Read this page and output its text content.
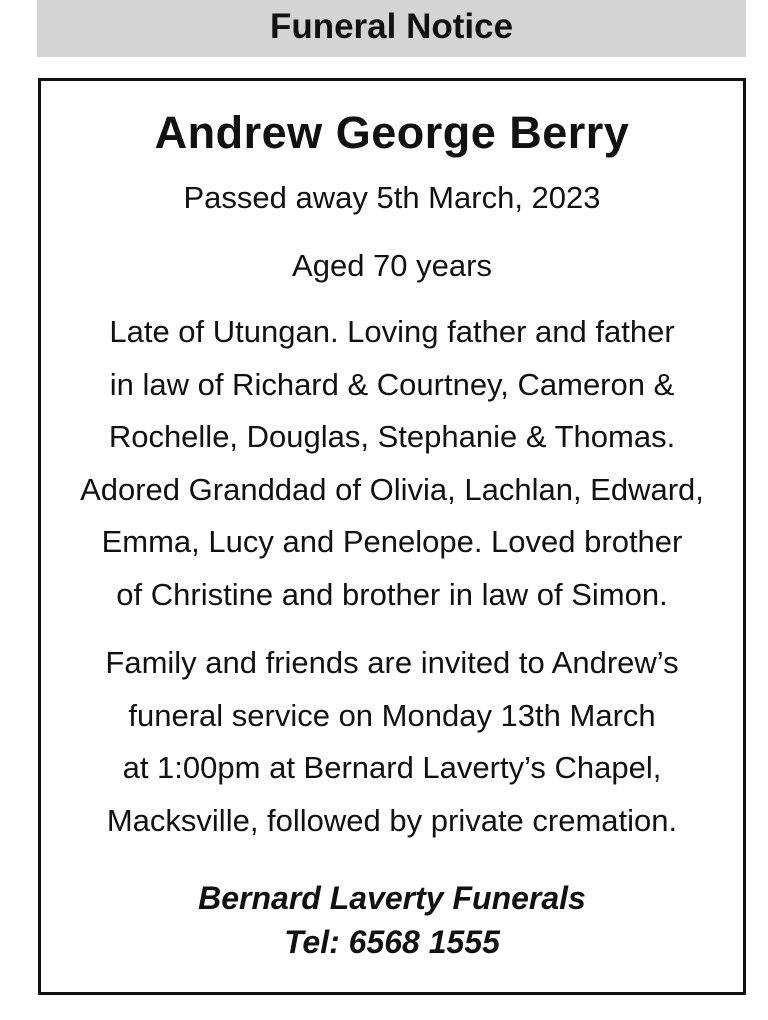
Funeral Notice
Andrew George Berry
Passed away 5th March, 2023
Aged 70 years

Late of Utungan. Loving father and father
in law of Richard & Courtney, Cameron &
Rochelle, Douglas, Stephanie & Thomas.
Adored Granddad of Olivia, Lachlan, Edward,
Emma, Lucy and Penelope. Loved brother
of Christine and brother in law of Simon.

Family and friends are invited to Andrew’s
funeral service on Monday 13th March
at 1:00pm at Bernard Laverty’s Chapel,
Macksville, followed by private cremation.

Bernard Laverty Funerals
Tel: 6568 1555
